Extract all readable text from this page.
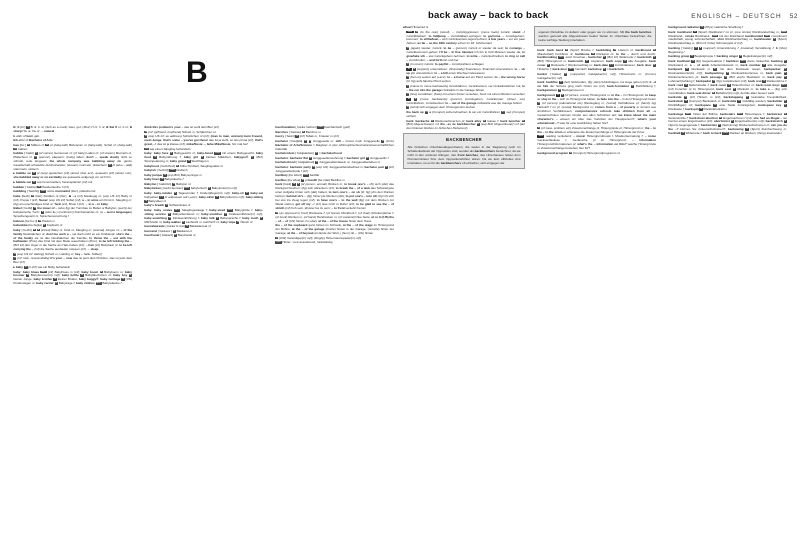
back away – back to back	ENGLISCH – DEUTSCH 52
B

B, b [biː] N B nt, b nt; (Sch as a mark) zwei, gut; (Mus) H nt, h nt; B flat B nt, b nt; B sharp His nt, his nt → natural

b abbr of born geb.

BA abbr of Bachelor of Arts

baa [bɑː] N Mähen nt VI pl (baby-talk) Bäh-lamm nt (baby-talk), Schaf nt; (baby-talk) VI mähen

babble [ˈbæbl] N (of voices) Gemurmel nt; (of baby) Lallen nt; (of stream) Murmeln nt, Plätschern nt VI (person) plappern; (baby) lallen; don't ~, speak slowly nicht so schnell, rede langsam; the whole company was babbling away die ganze Gesellschaft schwatzte durcheinander; (stream) murmeln, plätschern VI pl (also ~ out) stammeln, stottern

▸ babble on VI pl (sep) quatschen (inf) (about über acc), quasseln (inf) (about von); she babbled away or on excitedly sie quasselte aufgeregt vor sich hin

▸ babble out VI sep hervorstoßen, herausplatzen (inf) mit

babbler [ˈbæblə] N Plaudertasche f (inf)

babbling [ˈbæblɪŋ] ADJ siehe murmelnd (liter), plätschernd

babe [beɪb] N (liter) Kindlein nt (liter), a ~s (inf) blauäugig nt; (esp US inf) Baby nt (inf), Puppe f (inf); Susie! (esp US inf) Süße! (inf); a ~ in arms ein Kind nt, Säugling m; (fig) ein unschuldiges Kind nt; Tarzi (inf), Brust f (inf) → in a ~ in baby

Babel [ˈbeɪbl] N the tower of ~ (also fig) der Turmbau zu Babel or Babylon; (auch) der babylonische Turm; b (also b~) (confusion) Durcheinander nt; (a ~ worst languages) Sprachengewirr nt, Sprachenverwirrung f

baboon [bəˈbuːn] N Pavian m

babushka [bəˈbʊʃkə] N Kopftuch nt

baby [ˈbeɪbɪ] N a (infant) Baby nt, Kind nt, Säugling m; (animal) Junges nt; ~ of the family Nesthäkchen nt; don't be such a ~ sei doch nicht so ein Kindskopf; she's the ~ of the family sie ist das Nesthäkchen der Familie; to throw the ~ out with the bathwater (Prov) das Kind mit dem Bade ausschütten (Prov); to be left holding the ~ (Brit inf) den Ärger or die Sache am Hals haben (inf); ~ hair (inf) Babyhaar nt; to be left carrying the ~ (inf) die Sache ausbaden müssen (inf) → sleep

b (esp US inf: darling) Schatz m, Liebling m; hey ~ hallo, Süße(r)

c (inf: task, responsibility) it's your ~ now das ist jetzt dein Problem, das ist jetzt dein Bier (inf)

▸ baby VI pl (inf) wie ein Baby behandeln

baby: baby blues NPL (inf) Babyblues m (inf); baby boom N Babyboom m; baby boomer N Babyboomer(in) m(f); baby bottle N Babyfläschchen nt; baby boy N kleiner Junge; baby brother N kleiner Bruder; baby buggy®, baby carriage N (US) Kinderwagen m; baby carrier N Babytrage f; baby clothes NPL Babywäsche f

think this problem's your ~ das ist wohl dein Bier (inf)

d (inf: girlfriend, boyfriend) Schatz m, Schätzchen nt

e (esp US inf: as address) Schätzchen nt (inf); (man to man, woman) mein Freund, mein Junge; that's some ~ you've got there! das ist ja wohl, so leis prima (inf); that's great, ~! das ist ja klasse (inf); mike/Susie ~, liebe Mike/Susie, hör mal her!

VT wie einen Säugling behandeln

baby: baby face N Babygesicht nt; baby-faced ADJ mit einem Babygesicht; baby food N Babynahrung f; baby girl N kleines Mädchen; babygro® N (Brit) Strampelanzug m; baby grand N Stutzflügel m

babyhood [ˈbeɪbɪhʊd] N frühe Kindheit, Säuglingsalter nt

babyish [ˈbeɪbɪɪʃ] ADJ kindisch

baby jumper N (esp Brit) Babyspringer m

baby linen N Babywäsche f

Babylon [ˈbæbɪlɒn] N Babylon nt

Babylonian [ˌbæbɪˈləʊnɪən] ADJ babylonisch N Babylonier(in) m(f)

baby: baby-minder N Tagesmutter f; Kinderpfleger(in) m(f); baby-sit VI baby-sat babysitten VT pl aufpassen auf (+acc); baby-sitter N Babysitter(in) m(f); baby-sitting N Babysitten nt

baby's breath N Schleierkraut nt

baby: baby scales NPL Säuglingswaage f; baby-sized ADJ Babygröße f; baby-sitting service N Babysitterdienst m; baby-snatcher N Kindesentführer(in) m(f); baby-snatching N Kindesentführung f; baby talk N Babysprache f; baby tooth N Milchzahn m; baby-walker N Laufstuhl m, Gehfrei® nt; baby wipe N Öltuch nt

baccalaureate [ˌbækəˈlɔːrɪət] N Bakkalaureat nt

baccarat [ˈbækərɑː] N Bakkarat nt

bacchanal [ˈbækənl] N Bacchanal nt

bacchanalian [ˌbækəˈneɪlɪən] ADJ bacchantisch (geh)

Bacchus [ˈbækəs] N Bacchus m

baccy [ˈbækɪ] N (inf) Tabak m, Knaster m (inf)

bachelor [ˈbætʃələ] N a Junggeselle m; still ~ immer noch Junggeselle b (Univ) Bachelor of Arts/Science = Magister m (der philosophischen/naturwissenschaftlichen Fakultät)

bachelordom [ˈbætʃələdəm] N = bachelorhood

bachelor: bachelor flat N Junggesellenwohnung f; bachelor girl N Junggesellin f

bachelorhood [ˈbætʃələhʊd] N Junggesellendasein nt, Junggesellenleben nt

bachelor: bachelor party N (esp US) Junggesellenabschied m; bachelor pad N (inf) Junggesellenbude f (inf)

bacillary [bəˈsɪlərɪ] ADJ bazillär

bacillus [bəˈsɪləs] N pl bacilli [bəˈsɪlaɪ] Bazillus m

back [bæk] N a (of person, animal) Rücken m; to break one's ~ (lit) sich (dat) das Rückgrat brechen; (fig) sich abrackern (inf); to break the ~ of a task das Schwierigste einer Aufgabe hinter sich (dat) haben; to turn one's ~ on sb (lit, fig) jdm den Rücken kehren; behind sb's ~ (fig) hinter jds Rücken (dat); to put one's ~ into sth (fig inf) sich bei etw ins Zeug legen (inf); to have one's ~ to the wall (fig) mit dem Rücken zur Wand stehen; get off my ~! (inf) lass mich in Ruhe! (inf); to be glad to see the ~ of sb/sth (inf) froh sein, jdn/etw los zu sein; ~ to front verkehrt herum

b (as opposed to front) Rückseite f; (of house) Rückfront f; (of chair) (Rücken)lehne f; (of book) Rücken m; (of hand) Handrücken m; (of material) linke Seite; at or in (US) the ~ of, ~ of (US) hinten in (+dat); at the ~ of the house hinter dem Haus

the ~ of the cupboard ganz hinten im Schrank; at the ~ of the stage im Hintergrund der Bühne; at the ~ of the garage (inside) hinten in der Garage; (outside) hinter der Garage; at the ~ of beyond am Ende der Welt, j (hum); in ~ (US) hinten

c (Ftbl) Verteidiger(in) m(f); (Rugby) Hintermannspieler(in) m(f)

ADJ Hinter-; rent ausstehend, rückständig

wheel Hinterrad nt

ADV a (to the rear) (stand) → zurück(ge)treten; (move back) zurück; stand ~! zurückbleiben!; to fall/jump ~ zurückfallen/-springen; to go/come ~ zurückgehen/-kommen; to sit/lie/lean ~ sich zurücksetzen/-legen/-lehnen; a few years ~ vor ein paar Jahren; as far ~ as the 18th century schon im 18. Jahrhundert

b (again) wieder, zurück; to be ~ (person) zurück or wieder da sein; to come/go ~ zurückkommen/-gehen; I'll be ~ in five minutes ich bin in fünf Minuten wieder da; to give/take sth ~ etw zurückgeben/-nehmen; to write ~ zurückschreiben; to ring or call ~ zurückrufen; ~ and forth hin und her

c (in return) zurück; to pay/hit ~ zurückzahlen/-schlagen

VT a (support) unterstützen; (financially) finanzieren, finanziell unterstützen; to ~ sb up jdn unterstützen; to ~ a bill einen Wechsel indossieren

b (bet on) setzen auf (+acc); to ~ a horse auf ein Pferd setzen; to ~ the wrong horse (lit, fig) aufs falsche Pferd setzen

c (cause to move backwards) zurückfahren, zurücksetzen; car rückwärtsfahren mit; to ~ the car into the garage rückwärts in die Garage fahren

d (line) verstärken; (Sew) mit einem Futter versehen; book mit einem Rücken versehen

VI a (move backwards) (person) zurückgehen, zurücktreten; (driver, car) zurückfahren, zurücksetzen; to ~ out of the garage rückwärts aus der Garage fahren

b (wind) sich entgegen dem Uhrzeigersinn drehen

the back up VI a (Comput) sichern/machen; b car etc zurückfahren VT sep (Comput) sichern

back: backache N Rückenschmerzen pl; back alley N Gasse f; back bencher N (Brit) Abgeordnete(r) mf, the ~es die backbencher N (esp Brit) Abgeordnete(r) mf (auf den hinteren Reihen im britischen Parlament)

BACKBENCHER
Alle britischen Unterhausabgeordneten, die weder in der Regierung noch im Schattenkabinett der Opposition sind, werden als backbenchers bezeichnet, da sie nicht in den vorderen Rängen, den front benches, des Unterhauses neben dem Premierminister bzw. dem Oppositionsführer sitzen. Da sie kein offizielles Amt innehaben, ist es für die backbenchers oft einfacher, sich entgegen der
eigenen Parteilinie zu äußern oder gegen sie zu stimmen. Mit the back benches werden generell alle Abgeordneten beider Seiten im Unterhaus bezeichnet, die keine wichtige Stellung innehaben.

back: back bend N (Sport) Brücke f; backbiting N Lästern nt; backboard N (Basketball) Korbbrett nt; backbone N Rückgrat nt; to the ~ durch und durch; backbreaking ADJ work Knochen-; backchat N (Brit inf) Widerrede f; backcloth N (Brit) Hintergrund m; backcomb VT toupieren; back copy N alte Ausgabe; back cover N Rückseite f, Rückumschlag m; back-date VT zurückdatieren; back door N Hintertür f; back-door ADJ heimlich; backdrop N = backcloth

backer [ˈbækə] N (supporter) Geldgeber(in) m(f), Hintermann m; (Comm) Geldgeber(in) m(f)

back: backfire VI (Aut) fehlzünden; (fig: plan) fehlschlagen, ins Auge gehen (inf); it ~d on him der Schuss ging nach hinten los (inf); back-formation N Rückbildung f; backgammon N Backgammon nt

background N a (of picture, scene) Hintergrund m; in the ~ im Hintergrund; to keep or stay in the ~ sich im Hintergrund halten; to fade into the ~ in den Hintergrund treten

b (of person) (educational etc) Werdegang m; (social) Verhältnisse pl; (family bg) Herkunft f no pl; (social) Background m; comes from a ~ of poverty er kommt aus ärmlichen Verhältnissen; comprehensive schools take children from all ~s Gesamtschulen nehmen Kinder aus allen Schichten auf; we know about the main character's ~ wissen wir über das Vorleben der Hauptperson?; what's your educational ~? was für eine Ausbildung haben Sie?

c (of case, problem etc) Zusammenhänge pl, Hintergründe pl, Hintergrund m; the ~ to the ~ to the crisis er erläuterte die Zusammenhänge or Hintergründe der Krise

ADJ reading vertiefend; ~ music Hintergrundmusik f, Musikuntermalung f; ~ noise Geräuschkulisse f, Geräusche pl im Hintergrund; ~ information Hintergrundinformationen pl; what's the ~ information on this? welche Hintergründe or Zusammenhänge bestehen hier für?

background program N (Comput) Hintergrundprogramm nt

background radiation N (Phys) natürliche Strahlung f

back: backhand N (Sport) Rückhand f no pl; (one stroke) Rückhandschlag m; ADJ Rückhand-; stroke Rückhand-; ADV mit der Rückhand; backhanded ADJ compliment zweifelhaft, wenig schmeichelhaft; shot Rückhandschlag m; backhander N (Sport) Rückhandschlag m; (Brit inf: bribe) Schmiergeld nt (inf)

backing [ˈbækɪŋ] N a (support) Unterstützung f; (material) Verstärkung f; b (Mus) Begleitung f

backing group N Begleitgruppe f; backing singer N Begleitsänger(in) m(f)

back: backlash N (fig) Gegenreaktion f; backless ADJ dress rückenfrei; backlog N Rückstand m; a ~ of work Arbeitsrückstand m; back number N alte Ausgabe; backpack N Rucksack m VI mit dem Rucksack reisen; backpacker N Rucksacktourist(in) m(f); backpacking N Rucksacktourismus m; back pain N Rückenschmerzen pl; back passage N (Brit euph) Mastdarm m; back pay N Lohnnachzahlung f; backpedal VI (fig) zurückrudern (inf); back rest N Rückenlehne f; back road N Nebenstraße f; back room N Hinterzimmer nt; back-room boys NPL (inf) Forscher pl im Hintergrund; back seat N Rücksitz m; to take a ~ (fig) sich zurückhalten; back-seat driver N Beifahrer(in) m(f), der/die alles besser weiß

backside N (inf) Hintern m (inf); backslapping N lautstarke Freundlichkeit; backslash N (Comput) Backslash m; backslide VI rückfällig werden; backslider N Rückfällige(r) mf; backspace VI eine Stelle zurückgehen; backspace key N Rücktaste f; backspin N Rückwärtsdrall m

backstage ADV hinter der Bühne; backstairs NPL Hintertreppe f; backstreet N Seitenstraße f; backstreet abortion N Engelmacherei f (inf); she had an illegal ~ sie hat bei einem Engelmacher (inf); abortionist N Engelmacher(in) m(f); backstretch N (Sport) Gegengerade f; backstroke N (Swimming) Rückenschwimmen nt; can you do the ~? können Sie rückenschwimmen?; backswing N (Sport) Durchschwung m; backtalk N Widerrede f; back to back ADV Rücken an Rücken; (thing) aneinander
